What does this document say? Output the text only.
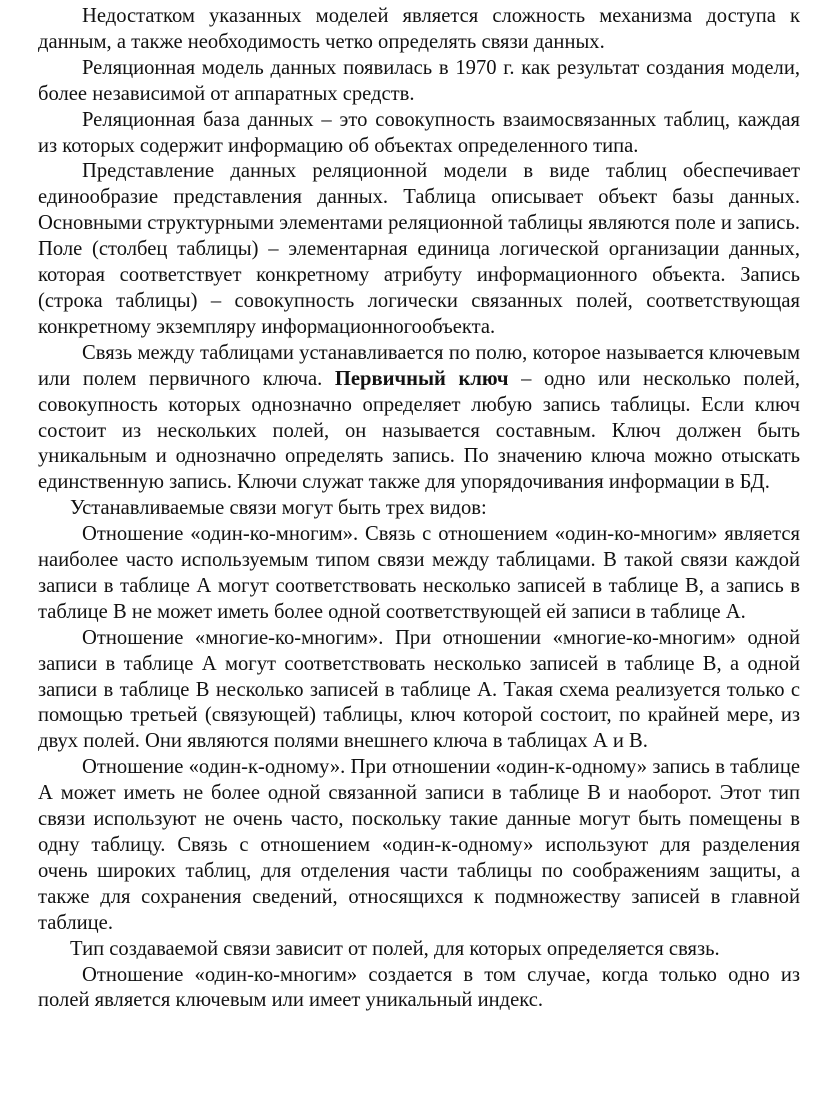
Недостатком указанных моделей является сложность механизма доступа к данным, а также необходимость четко определять связи данных.

Реляционная модель данных появилась в 1970 г. как результат создания модели, более независимой от аппаратных средств.

Реляционная база данных – это совокупность взаимосвязанных таблиц, каждая из которых содержит информацию об объектах определенного типа.

Представление данных реляционной модели в виде таблиц обеспечивает единообразие представления данных. Таблица описывает объект базы данных. Основными структурными элементами реляционной таблицы являются поле и запись. Поле (столбец таблицы) – элементарная единица логической организации данных, которая соответствует конкретному атрибуту информационного объекта. Запись (строка таблицы) – совокупность логически связанных полей, соответствующая конкретному экземпляру информационногообъекта.

Связь между таблицами устанавливается по полю, которое называется ключевым или полем первичного ключа. Первичный ключ – одно или несколько полей, совокупность которых однозначно определяет любую запись таблицы. Если ключ состоит из нескольких полей, он называется составным. Ключ должен быть уникальным и однозначно определять запись. По значению ключа можно отыскать единственную запись. Ключи служат также для упорядочивания информации в БД.

Устанавливаемые связи могут быть трех видов:

Отношение «один-ко-многим». Связь с отношением «один-ко-многим» является наиболее часто используемым типом связи между таблицами. В такой связи каждой записи в таблице А могут соответствовать несколько записей в таблице В, а запись в таблице В не может иметь более одной соответствующей ей записи в таблице А.

Отношение «многие-ко-многим». При отношении «многие-ко-многим» одной записи в таблице А могут соответствовать несколько записей в таблице В, а одной записи в таблице В несколько записей в таблице А. Такая схема реализуется только с помощью третьей (связующей) таблицы, ключ которой состоит, по крайней мере, из двух полей. Они являются полями внешнего ключа в таблицах А и В.

Отношение «один-к-одному». При отношении «один-к-одному» запись в таблице А может иметь не более одной связанной записи в таблице В и наоборот. Этот тип связи используют не очень часто, поскольку такие данные могут быть помещены в одну таблицу. Связь с отношением «один-к-одному» используют для разделения очень широких таблиц, для отделения части таблицы по соображениям защиты, а также для сохранения сведений, относящихся к подмножеству записей в главной таблице.

Тип создаваемой связи зависит от полей, для которых определяется связь.

Отношение «один-ко-многим» создается в том случае, когда только одно из полей является ключевым или имеет уникальный индекс.
